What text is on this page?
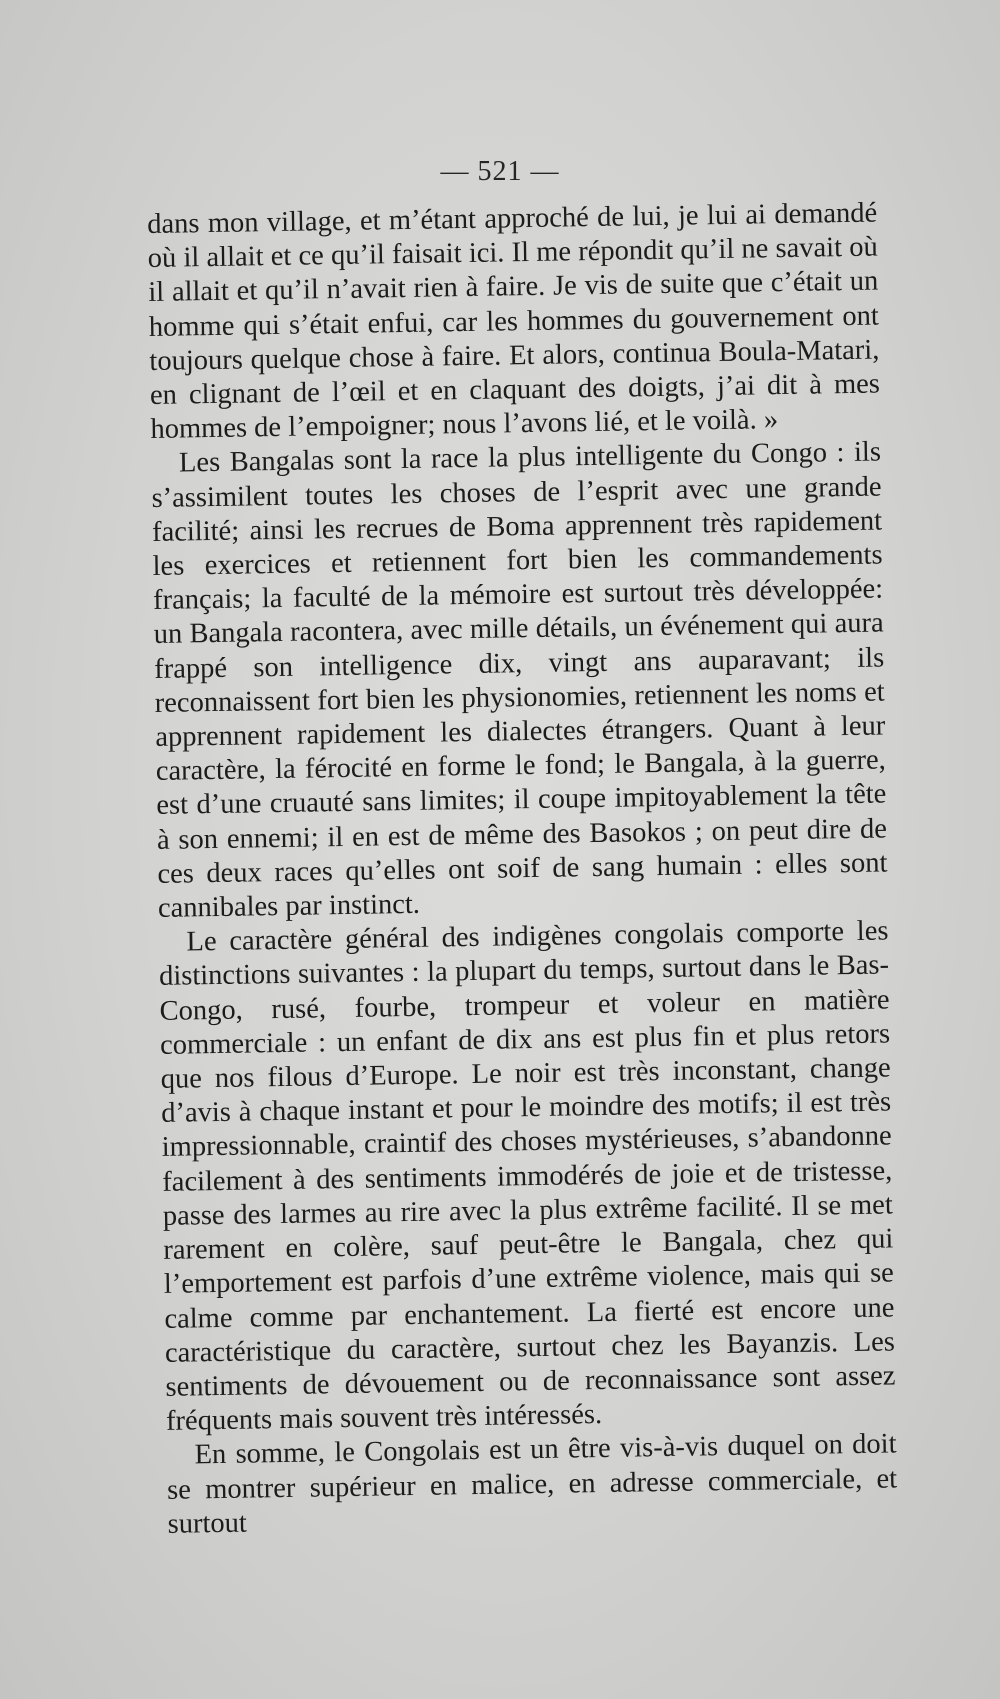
— 521 —

dans mon village, et m’étant approché de lui, je lui ai demandé où il allait et ce qu’il faisait ici. Il me répondit qu’il ne savait où il allait et qu’il n’avait rien à faire. Je vis de suite que c’était un homme qui s’était enfui, car les hommes du gouvernement ont toujours quelque chose à faire. Et alors, continua Boula-Matari, en clignant de l’œil et en claquant des doigts, j’ai dit à mes hommes de l’empoigner; nous l’avons lié, et le voilà. »

Les Bangalas sont la race la plus intelligente du Congo : ils s’assimilent toutes les choses de l’esprit avec une grande facilité; ainsi les recrues de Boma apprennent très rapidement les exercices et retiennent fort bien les commandements français; la faculté de la mémoire est surtout très développée: un Bangala racontera, avec mille détails, un événement qui aura frappé son intelligence dix, vingt ans auparavant; ils reconnaissent fort bien les physionomies, retiennent les noms et apprennent rapidement les dialectes étrangers. Quant à leur caractère, la férocité en forme le fond; le Bangala, à la guerre, est d’une cruauté sans limites; il coupe impitoyablement la tête à son ennemi; il en est de même des Basokos ; on peut dire de ces deux races qu’elles ont soif de sang humain : elles sont cannibales par instinct.

Le caractère général des indigènes congolais comporte les distinctions suivantes : la plupart du temps, surtout dans le Bas-Congo, rusé, fourbe, trompeur et voleur en matière commerciale : un enfant de dix ans est plus fin et plus retors que nos filous d’Europe. Le noir est très inconstant, change d’avis à chaque instant et pour le moindre des motifs; il est très impressionnable, craintif des choses mystérieuses, s’abandonne facilement à des sentiments immodérés de joie et de tristesse, passe des larmes au rire avec la plus extrême facilité. Il se met rarement en colère, sauf peut-être le Bangala, chez qui l’emportement est parfois d’une extrême violence, mais qui se calme comme par enchantement. La fierté est encore une caractéristique du caractère, surtout chez les Bayanzis. Les sentiments de dévouement ou de reconnaissance sont assez fréquents mais souvent très intéressés.

En somme, le Congolais est un être vis-à-vis duquel on doit se montrer supérieur en malice, en adresse commerciale, et surtout
